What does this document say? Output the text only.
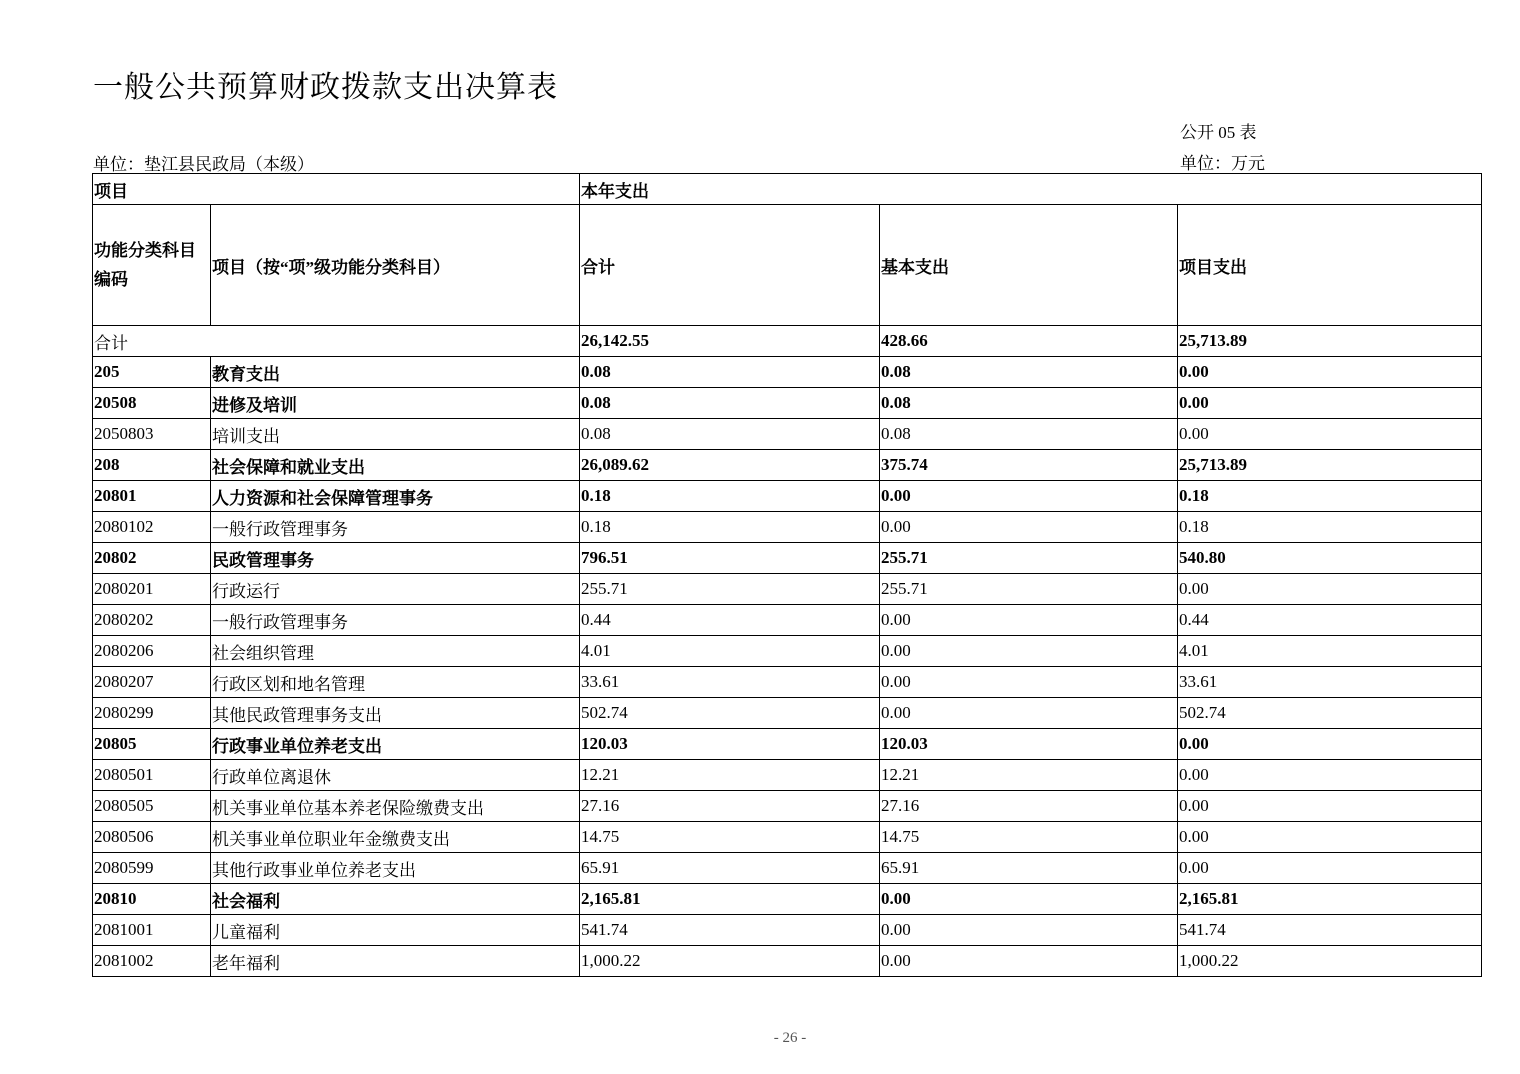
一般公共预算财政拨款支出决算表
公开 05 表
单位：垫江县民政局（本级）	单位：万元
项目		本年支出		
功能分类科目编码	项目（按“项”级功能分类科目）	合计	基本支出	项目支出
合计		26,142.55	428.66	25,713.89
205	教育支出	0.08	0.08	0.00
20508	进修及培训	0.08	0.08	0.00
2050803	培训支出	0.08	0.08	0.00
208	社会保障和就业支出	26,089.62	375.74	25,713.89
20801	人力资源和社会保障管理事务	0.18	0.00	0.18
2080102	一般行政管理事务	0.18	0.00	0.18
20802	民政管理事务	796.51	255.71	540.80
2080201	行政运行	255.71	255.71	0.00
2080202	一般行政管理事务	0.44	0.00	0.44
2080206	社会组织管理	4.01	0.00	4.01
2080207	行政区划和地名管理	33.61	0.00	33.61
2080299	其他民政管理事务支出	502.74	0.00	502.74
20805	行政事业单位养老支出	120.03	120.03	0.00
2080501	行政单位离退休	12.21	12.21	0.00
2080505	机关事业单位基本养老保险缴费支出	27.16	27.16	0.00
2080506	机关事业单位职业年金缴费支出	14.75	14.75	0.00
2080599	其他行政事业单位养老支出	65.91	65.91	0.00
20810	社会福利	2,165.81	0.00	2,165.81
2081001	儿童福利	541.74	0.00	541.74
2081002	老年福利	1,000.22	0.00	1,000.22
- 26 -
